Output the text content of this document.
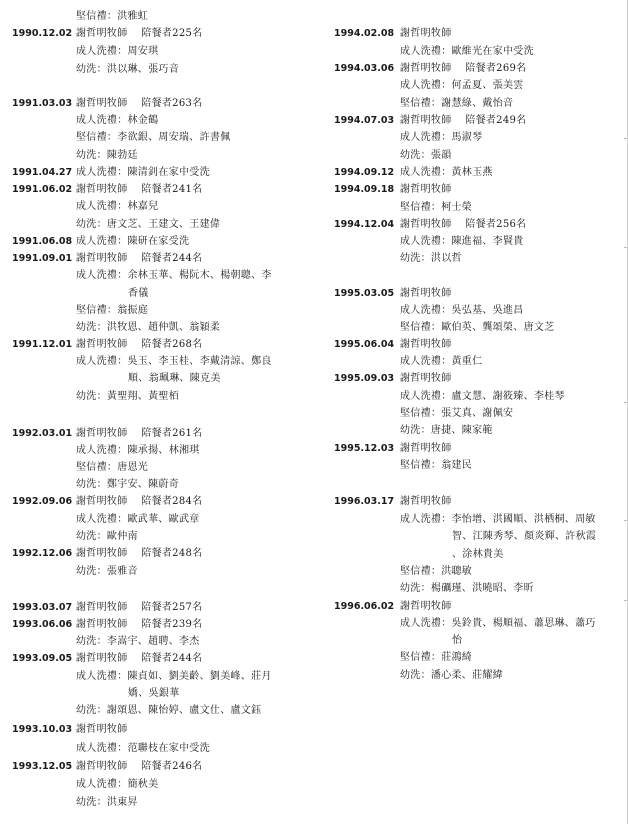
堅信禮：洪雅虹
1990.12.02 謝哲明牧師　 陪餐者225名
成人洗禮：周安琪
幼洗：洪以琳、張巧音
1991.03.03 謝哲明牧師　 陪餐者263名
成人洗禮：林金鶴
堅信禮：李欲銀、周安瑞、許書佩
幼洗：陳勃廷
1991.04.27 成人洗禮：陳清釗在家中受洗
1991.06.02 謝哲明牧師　 陪餐者241名
成人洗禮：林嘉兒
幼洗：唐文芝、王建文、王建偉
1991.06.08 成人洗禮：陳研在家受洗
1991.09.01 謝哲明牧師　 陪餐者244名
成人洗禮：余林玉華、楊阮木、楊朝聰、李
香儀
堅信禮：翁振庭
幼洗：洪牧恩、趙仲凱、翁穎柔
1991.12.01 謝哲明牧師　 陪餐者268名
成人洗禮：吳玉、李玉桂、李戴清諒、鄭良
順、翁珮琳、陳克美
幼洗：黃聖翔、黃聖栢
1992.03.01 謝哲明牧師　 陪餐者261名
成人洗禮：陳承揚、林湘琪
堅信禮：唐恩光
幼洗：鄭宇安、陳蔚奇
1992.09.06 謝哲明牧師　 陪餐者284名
成人洗禮：歐武華、歐武章
幼洗：歐仲南
1992.12.06 謝哲明牧師　 陪餐者248名
幼洗：張雅音
1993.03.07 謝哲明牧師　 陪餐者257名
1993.06.06 謝哲明牧師　 陪餐者239名
幼洗：李嵩宇、趙聘、李杰
1993.09.05 謝哲明牧師　 陪餐者244名
成人洗禮：陳貞如、劉美齡、劉美峰、莊月
嬌、吳銀華
幼洗：謝頌恩、陳怡婷、盧文仕、盧文鈺
1993.10.03 謝哲明牧師
成人洗禮：范聯枝在家中受洗
1993.12.05 謝哲明牧師　 陪餐者246名
成人洗禮：簡秋美
幼洗：洪東昇
1994.02.08 謝哲明牧師
成人洗禮：歐維光在家中受洗
1994.03.06 謝哲明牧師　 陪餐者269名
成人洗禮：何孟夏、張美雲
堅信禮：謝慧綠、戴怡音
1994.07.03 謝哲明牧師　 陪餐者249名
成人洗禮：馬淑琴
幼洗：張韻
1994.09.12 成人洗禮：黃林玉燕
1994.09.18 謝哲明牧師
堅信禮：柯士榮
1994.12.04 謝哲明牧師　 陪餐者256名
成人洗禮：陳進福、李賢貴
幼洗：洪以哲
1995.03.05 謝哲明牧師
成人洗禮：吳弘基、吳進昌
堅信禮：歐伯英、龔頌榮、唐文芝
1995.06.04 謝哲明牧師
成人洗禮：黃重仁
1995.09.03 謝哲明牧師
成人洗禮：盧文慧、謝筱臻、李桂琴
堅信禮：張艾真、謝佩安
幼洗：唐捷、陳家範
1995.12.03 謝哲明牧師
堅信禮：翁建民
1996.03.17 謝哲明牧師
成人洗禮：李怡增、洪國順、洪栖桐、周敏
智、江陳秀琴、顏炎輝、許秋霞
、涂林貴美
堅信禮：洪聰敏
幼洗：楊礪瑾、洪曉昭、李昕
1996.06.02 謝哲明牧師
成人洗禮：吳鈴貴、楊順福、蕭思琳、蕭巧
怡
堅信禮：莊鴻綺
幼洗：潘心柔、莊耀緯
